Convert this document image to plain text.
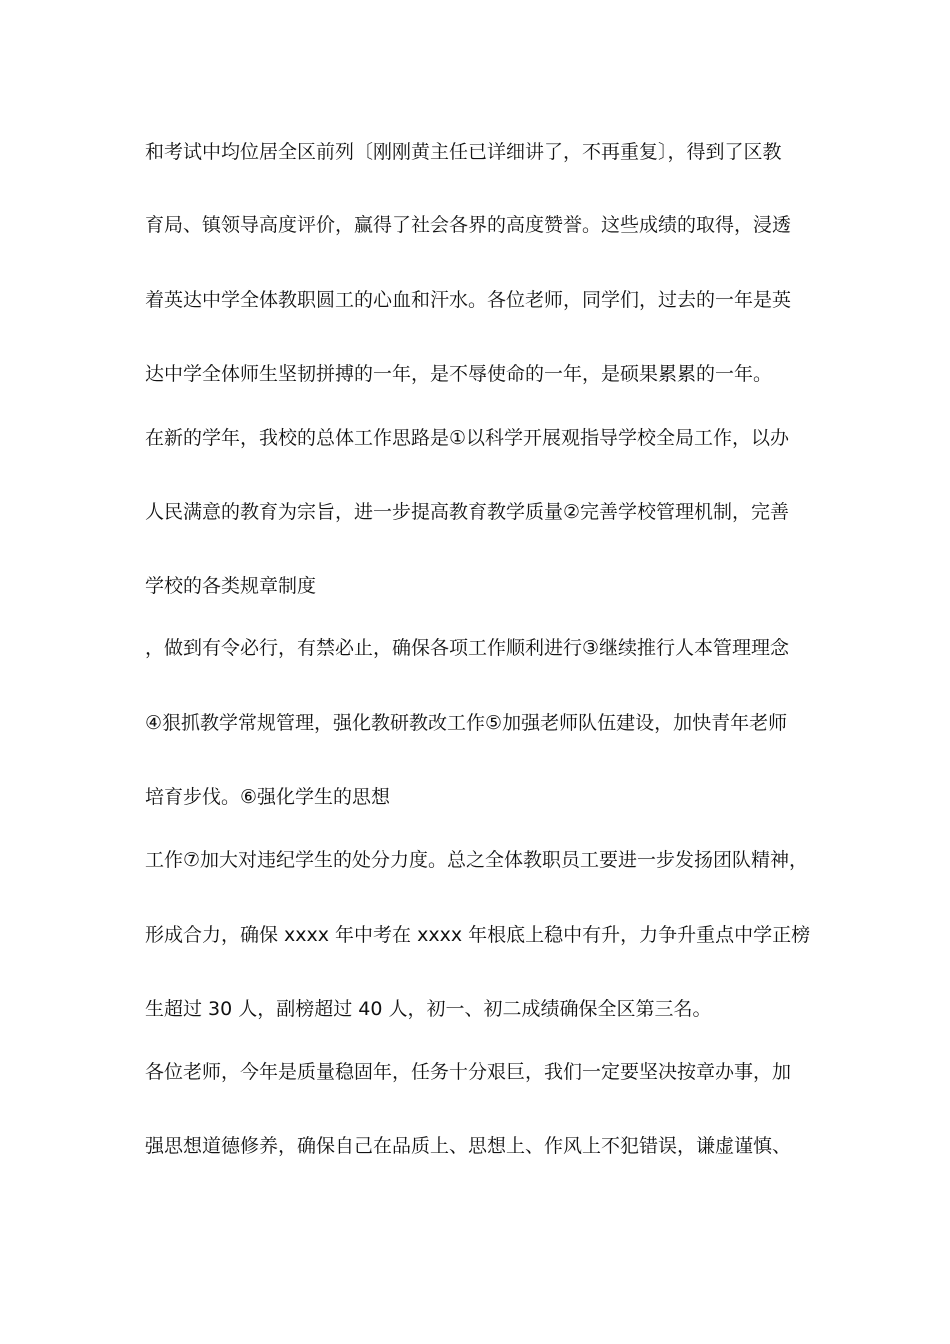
和考试中均位居全区前列〔刚刚黄主任已详细讲了，不再重复〕，得到了区教
育局、镇领导高度评价，赢得了社会各界的高度赞誉。这些成绩的取得，浸透
着英达中学全体教职圆工的心血和汗水。各位老师，同学们，过去的一年是英
达中学全体师生坚韧拼搏的一年，是不辱使命的一年，是硕果累累的一年。
在新的学年，我校的总体工作思路是①以科学开展观指导学校全局工作，以办
人民满意的教育为宗旨，进一步提高教育教学质量②完善学校管理机制，完善
学校的各类规章制度
，做到有令必行，有禁必止，确保各项工作顺利进行③继续推行人本管理理念
④狠抓教学常规管理，强化教研教改工作⑤加强老师队伍建设，加快青年老师
培育步伐。⑥强化学生的思想
工作⑦加大对违纪学生的处分力度。总之全体教职员工要进一步发扬团队精神，
形成合力，确保 xxxx 年中考在 xxxx 年根底上稳中有升，力争升重点中学正榜
生超过 30 人，副榜超过 40 人，初一、初二成绩确保全区第三名。
各位老师，今年是质量稳固年，任务十分艰巨，我们一定要坚决按章办事，加
强思想道德修养，确保自己在品质上、思想上、作风上不犯错误，谦虚谨慎、
